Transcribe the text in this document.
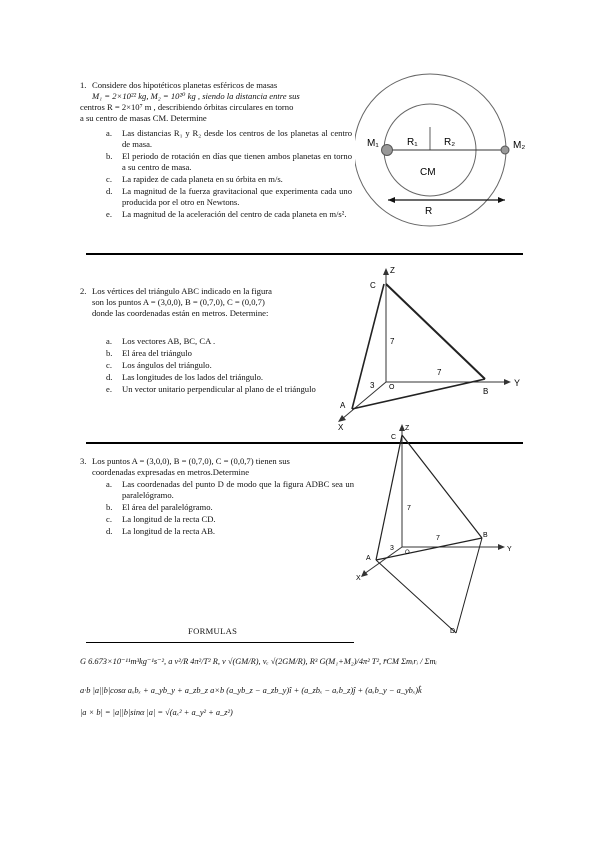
1. Considere dos hipotéticos planetas esféricos de masas
M₁ = 2×10²² kg, M₂ = 10²⁰ kg , siendo la distancia entre sus
centros R = 2×10⁷ m , describiendo órbitas circulares en torno
a su centro de masas CM. Determine
a. Las distancias R₁ y R₂ desde los centros de los planetas al centro de masa.
b. El periodo de rotación en días que tienen ambos planetas en torno a su centro de masa.
c. La rapidez de cada planeta en su órbita en m/s.
d. La magnitud de la fuerza gravitacional que experimenta cada uno producida por el otro en Newtons.
e. La magnitud de la aceleración del centro de cada planeta en m/s².
M₁	M₂
R₁	R₂
CM
R
2. Los vértices del triángulo ABC indicado en la figura
son los puntos A = (3,0,0), B = (0,7,0), C = (0,0,7)
donde las coordenadas están en metros. Determine:
a. Los vectores AB, BC, CA .
b. El área del triángulo
c. Los ángulos del triángulo.
d. Las longitudes de los lados del triángulo.
e. Un vector unitario perpendicular al plano de el triángulo
Z
Y
X
C
B
A
O
7
7
3
3. Los puntos A = (3,0,0), B = (0,7,0), C = (0,0,7) tienen sus
coordenadas expresadas en metros.Determine
a. Las coordenadas del punto D de modo que la figura ADBC sea un paralelógramo.
b. El área del paralelógramo.
c. La longitud de la recta CD.
d. La longitud de la recta AB.
Z
Y
X
C
B
A
D
O
7
7
3
FORMULAS
G 6.673×10⁻¹¹m³kg⁻¹s⁻², a v²/R 4π²/T² R, v √(GM/R), vₑ √(2GM/R), R³ G(M₁+M₂)/4π² T², r̄CM Σmᵢrᵢ / Σmᵢ
a·b |a||b|cosα aₓbₓ + a_yb_y + a_zb_z a×b (a_yb_z − a_zb_y)î + (a_zbₓ − aₓb_z)ĵ + (aₓb_y − a_ybₓ)k̂
|a × b| = |a||b|sinα |a| = √(aₓ² + a_y² + a_z²)
